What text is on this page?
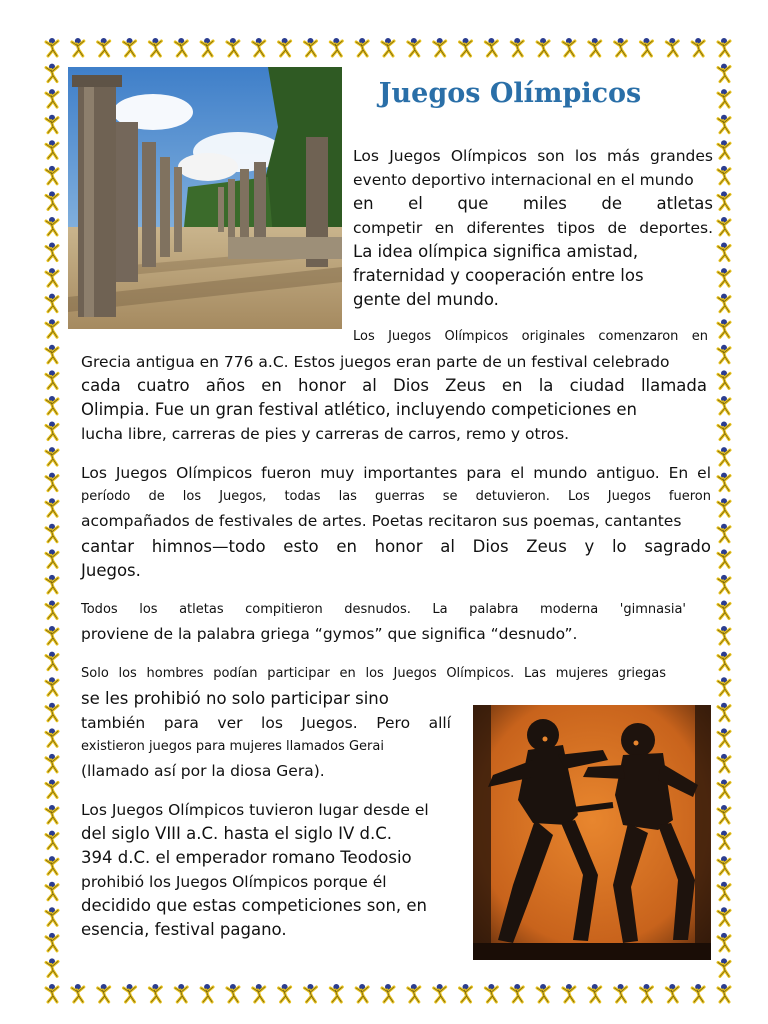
Juegos Olímpicos
Los Juegos Olímpicos son los más grandes
evento deportivo internacional en el mundo
en el que miles de atletas
competir en diferentes tipos de deportes.
La idea olímpica significa amistad,
fraternidad y cooperación entre los
gente del mundo.
Los Juegos Olímpicos originales comenzaron en
Grecia antigua en 776 a.C. Estos juegos eran parte de un festival celebrado
cada cuatro años en honor al Dios Zeus en la ciudad llamada
Olimpia. Fue un gran festival atlético, incluyendo competiciones en
lucha libre, carreras de pies y carreras de carros, remo y otros.
Los Juegos Olímpicos fueron muy importantes para el mundo antiguo. En el
período de los Juegos, todas las guerras se detuvieron. Los Juegos fueron
acompañados de festivales de artes. Poetas recitaron sus poemas, cantantes
cantar himnos—todo esto en honor al Dios Zeus y lo sagrado
Juegos.
Todos los atletas compitieron desnudos. La palabra moderna 'gimnasia'
proviene de la palabra griega “gymos” que significa “desnudo”.
Solo los hombres podían participar en los Juegos Olímpicos. Las mujeres griegas
se les prohibió no solo participar sino
también para ver los Juegos. Pero allí
existieron juegos para mujeres llamados Gerai
(llamado así por la diosa Gera).
Los Juegos Olímpicos tuvieron lugar desde el
del siglo VIII a.C. hasta el siglo IV d.C.
394 d.C. el emperador romano Teodosio
prohibió los Juegos Olímpicos porque él
decidido que estas competiciones son, en
esencia, festival pagano.
